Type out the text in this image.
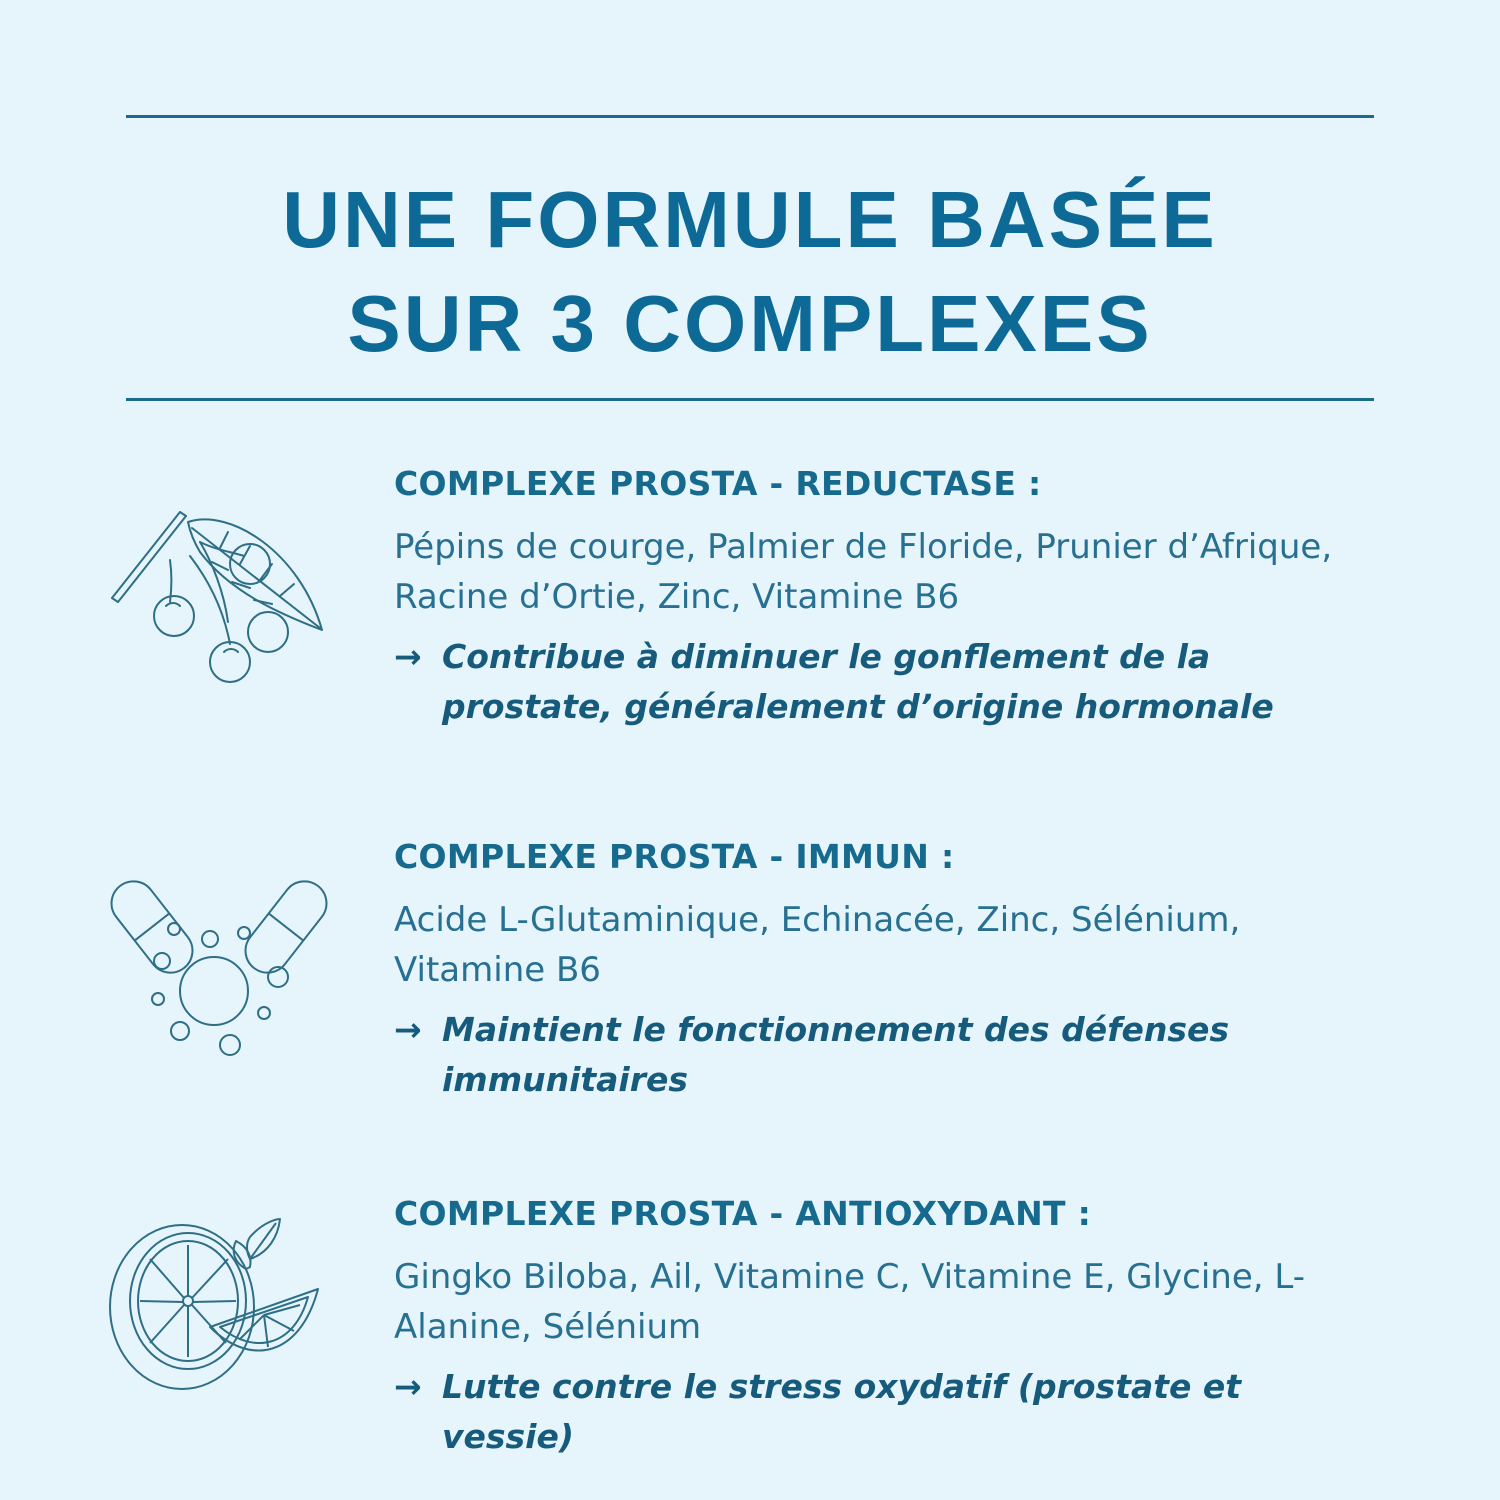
UNE FORMULE BASÉE
SUR 3 COMPLEXES
COMPLEXE PROSTA - REDUCTASE :

Pépins de courge, Palmier de Floride, Prunier d’Afrique, Racine d’Ortie, Zinc, Vitamine B6

→ Contribue à diminuer le gonflement de la prostate, généralement d’origine hormonale
COMPLEXE PROSTA - IMMUN :

Acide L-Glutaminique, Echinacée, Zinc, Sélénium, Vitamine B6

→ Maintient le fonctionnement des défenses immunitaires
COMPLEXE PROSTA - ANTIOXYDANT :

Gingko Biloba, Ail, Vitamine C, Vitamine E, Glycine, L-Alanine, Sélénium

→ Lutte contre le stress oxydatif (prostate et vessie)
